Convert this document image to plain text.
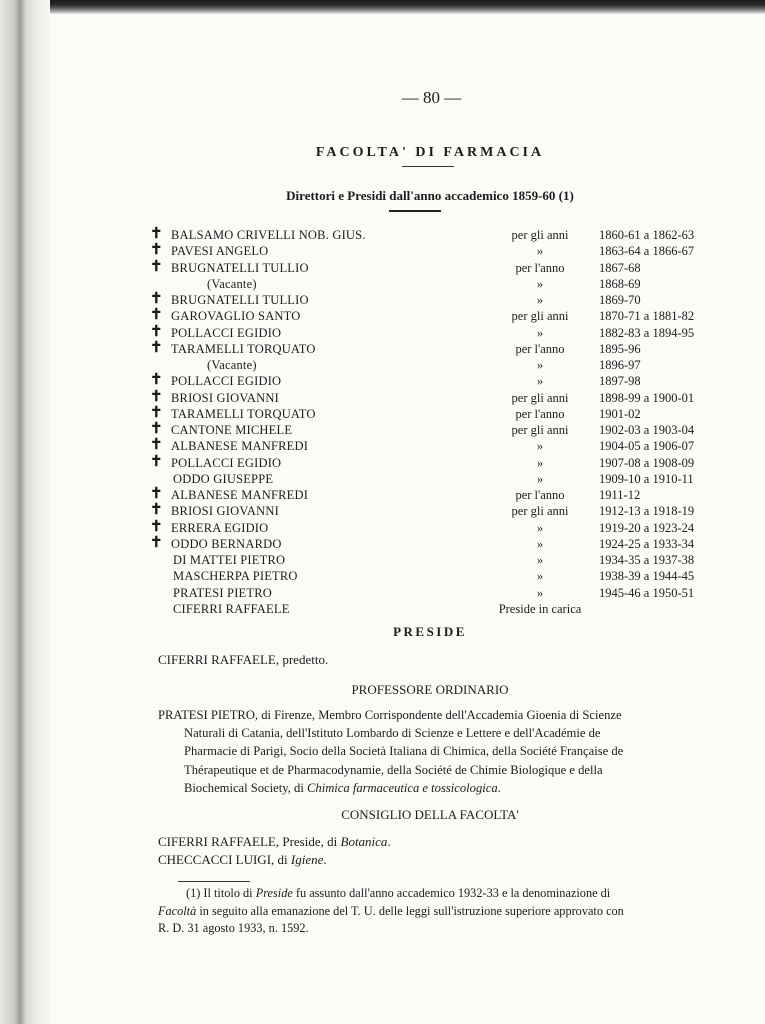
— 80 —
FACOLTA' DI FARMACIA
Direttori e Presidi dall'anno accademico 1859-60 (1)
✝ BALSAMO CRIVELLI NOB. GIUS.	per gli anni	1860-61 a 1862-63
✝ PAVESI ANGELO	»	1863-64 a 1866-67
✝ BRUGNATELLI TULLIO	per l'anno	1867-68
(Vacante)	»	1868-69
✝ BRUGNATELLI TULLIO	»	1869-70
✝ GAROVAGLIO SANTO	per gli anni	1870-71 a 1881-82
✝ POLLACCI EGIDIO	»	1882-83 a 1894-95
✝ TARAMELLI TORQUATO	per l'anno	1895-96
(Vacante)	»	1896-97
✝ POLLACCI EGIDIO	»	1897-98
✝ BRIOSI GIOVANNI	per gli anni	1898-99 a 1900-01
✝ TARAMELLI TORQUATO	per l'anno	1901-02
✝ CANTONE MICHELE	per gli anni	1902-03 a 1903-04
✝ ALBANESE MANFREDI	»	1904-05 a 1906-07
✝ POLLACCI EGIDIO	»	1907-08 a 1908-09
ODDO GIUSEPPE	»	1909-10 a 1910-11
✝ ALBANESE MANFREDI	per l'anno	1911-12
✝ BRIOSI GIOVANNI	per gli anni	1912-13 a 1918-19
✝ ERRERA EGIDIO	»	1919-20 a 1923-24
✝ ODDO BERNARDO	»	1924-25 a 1933-34
DI MATTEI PIETRO	»	1934-35 a 1937-38
MASCHERPA PIETRO	»	1938-39 a 1944-45
PRATESI PIETRO	»	1945-46 a 1950-51
CIFERRI RAFFAELE	Preside in carica
PRESIDE
CIFERRI RAFFAELE, predetto.
PROFESSORE ORDINARIO
PRATESI PIETRO, di Firenze, Membro Corrispondente dell'Accademia Gioenia di Scienze
Naturali di Catania, dell'Istituto Lombardo di Scienze e Lettere e dell'Académie de
Pharmacie di Parigi, Socio della Società Italiana di Chimica, della Société Française de
Thérapeutique et de Pharmacodynamie, della Société de Chimie Biologique e della
Biochemical Society, di Chimica farmaceutica e tossicologica.
CONSIGLIO DELLA FACOLTA'
CIFERRI RAFFAELE, Preside, di Botanica.
CHECCACCI LUIGI, di Igiene.
(1) Il titolo di Preside fu assunto dall'anno accademico 1932-33 e la denominazione di
Facoltà in seguito alla emanazione del T. U. delle leggi sull'istruzione superiore approvato con
R. D. 31 agosto 1933, n. 1592.
